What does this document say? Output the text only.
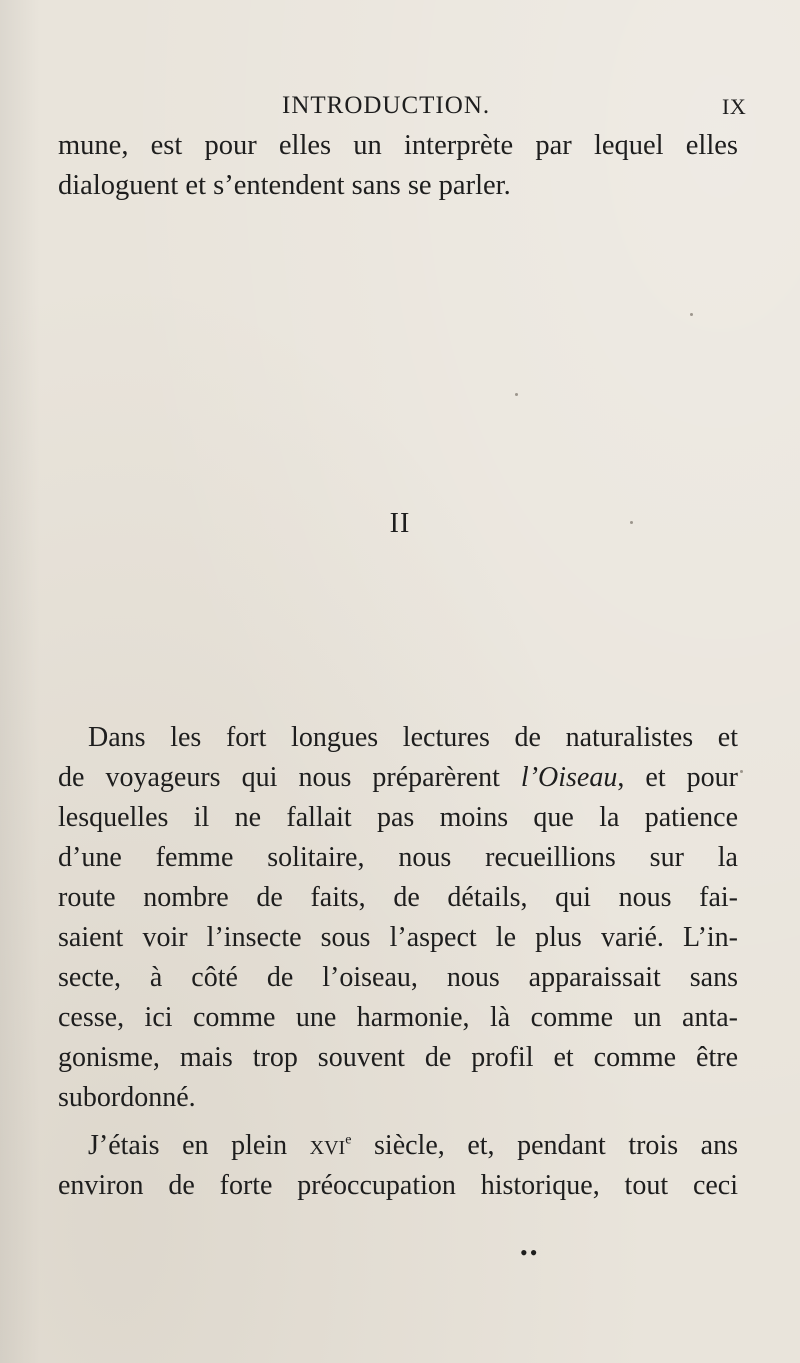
INTRODUCTION.	IX
mune, est pour elles un interprète par lequel elles
dialoguent et s’entendent sans se parler.
II
Dans les fort longues lectures de naturalistes et
de voyageurs qui nous préparèrent l’Oiseau, et pour
lesquelles il ne fallait pas moins que la patience
d’une femme solitaire, nous recueillions sur la
route nombre de faits, de détails, qui nous fai-
saient voir l’insecte sous l’aspect le plus varié. L’in-
secte, à côté de l’oiseau, nous apparaissait sans
cesse, ici comme une harmonie, là comme un anta-
gonisme, mais trop souvent de profil et comme être
subordonné.
J’étais en plein xvi$^e$ siècle, et, pendant trois ans
environ de forte préoccupation historique, tout ceci
••
